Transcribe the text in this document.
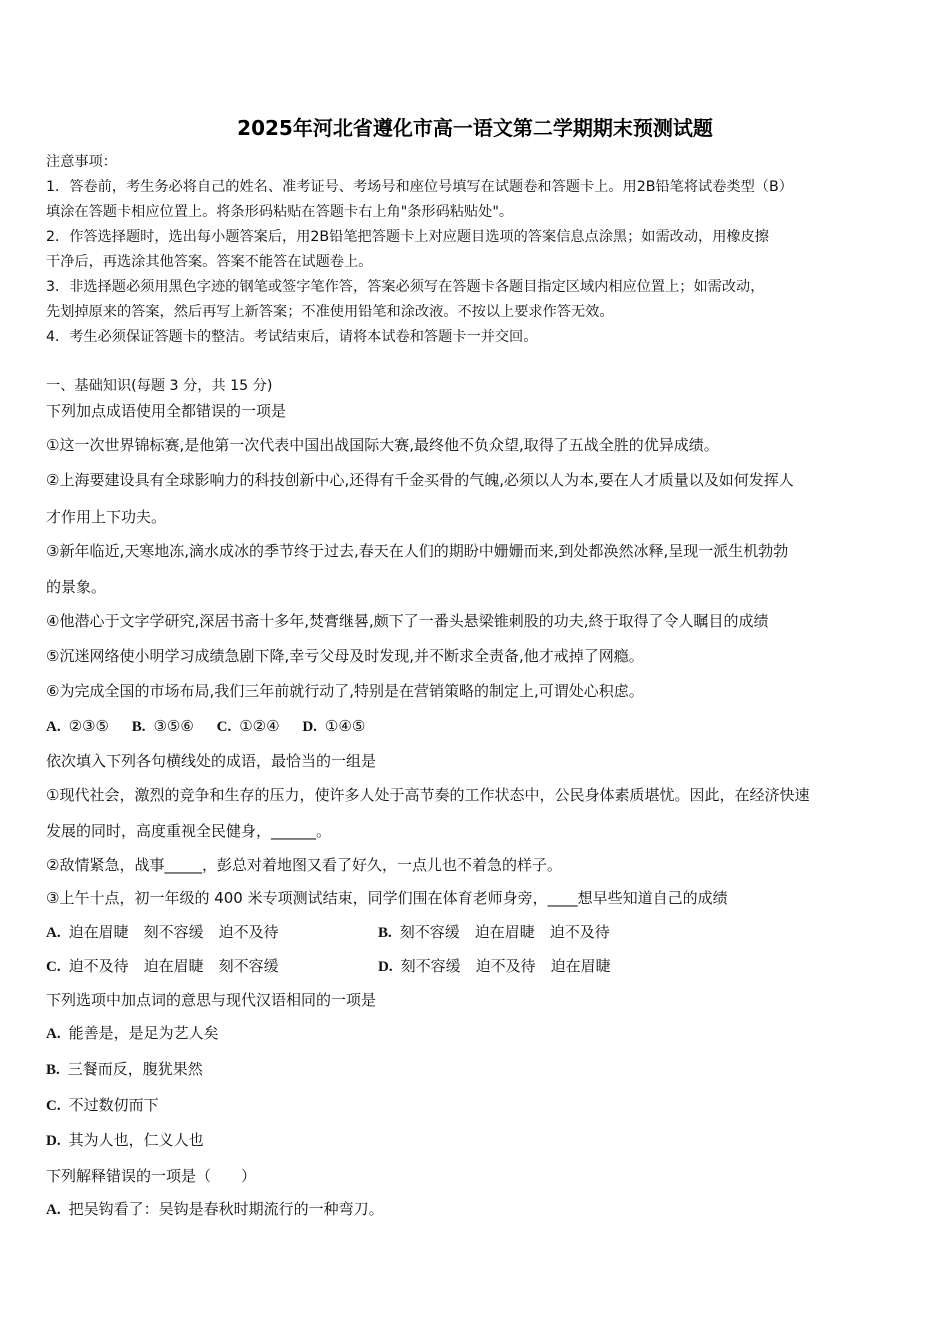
2025年河北省遵化市高一语文第二学期期末预测试题
注意事项：
1．答卷前，考生务必将自己的姓名、准考证号、考场号和座位号填写在试题卷和答题卡上。用2B铅笔将试卷类型（B）
填涂在答题卡相应位置上。将条形码粘贴在答题卡右上角"条形码粘贴处"。
2．作答选择题时，选出每小题答案后，用2B铅笔把答题卡上对应题目选项的答案信息点涂黑；如需改动，用橡皮擦
干净后，再选涂其他答案。答案不能答在试题卷上。
3．非选择题必须用黑色字迹的钢笔或签字笔作答，答案必须写在答题卡各题目指定区域内相应位置上；如需改动，
先划掉原来的答案，然后再写上新答案；不准使用铅笔和涂改液。不按以上要求作答无效。
4．考生必须保证答题卡的整洁。考试结束后，请将本试卷和答题卡一并交回。
一、基础知识(每题 3 分，共 15 分)
下列加点成语使用全都错误的一项是
①这一次世界锦标赛,是他第一次代表中国出战国际大赛,最终他不负众望,取得了五战全胜的优异成绩。
②上海要建设具有全球影响力的科技创新中心,还得有千金买骨的气魄,必须以人为本,要在人才质量以及如何发挥人
才作用上下功夫。
③新年临近,天寒地冻,滴水成冰的季节终于过去,春天在人们的期盼中姗姗而来,到处都涣然冰释,呈现一派生机勃勃
的景象。
④他潜心于文字学研究,深居书斋十多年,焚膏继晷,颇下了一番头悬梁锥刺股的功夫,終于取得了令人瞩目的成绩
⑤沉迷网络使小明学习成绩急剧下降,幸亏父母及时发现,并不断求全责备,他才戒掉了网瘾。
⑥为完成全国的市场布局,我们三年前就行动了,特别是在营销策略的制定上,可谓处心积虑。
A. ②③⑤ B. ③⑤⑥ C. ①②④ D. ①④⑤
依次填入下列各句横线处的成语，最恰当的一组是
①现代社会，激烈的竞争和生存的压力，使许多人处于高节奏的工作状态中，公民身体素质堪忧。因此，在经济快速
发展的同时，高度重视全民健身，______。
②敌情紧急，战事_____，彭总对着地图又看了好久，一点儿也不着急的样子。
③上午十点，初一年级的 400 米专项测试结束，同学们围在体育老师身旁，____想早些知道自己的成绩
A. 迫在眉睫　刻不容缓　迫不及待	B. 刻不容缓　迫在眉睫　迫不及待
C. 迫不及待　迫在眉睫　刻不容缓	D. 刻不容缓　迫不及待　迫在眉睫
下列选项中加点词的意思与现代汉语相同的一项是
A. 能善是，是足为艺人矣
B. 三餐而反，腹犹果然
C. 不过数仞而下
D. 其为人也，仁义人也
下列解释错误的一项是（　　）
A. 把吴钩看了：吴钩是春秋时期流行的一种弯刀。
